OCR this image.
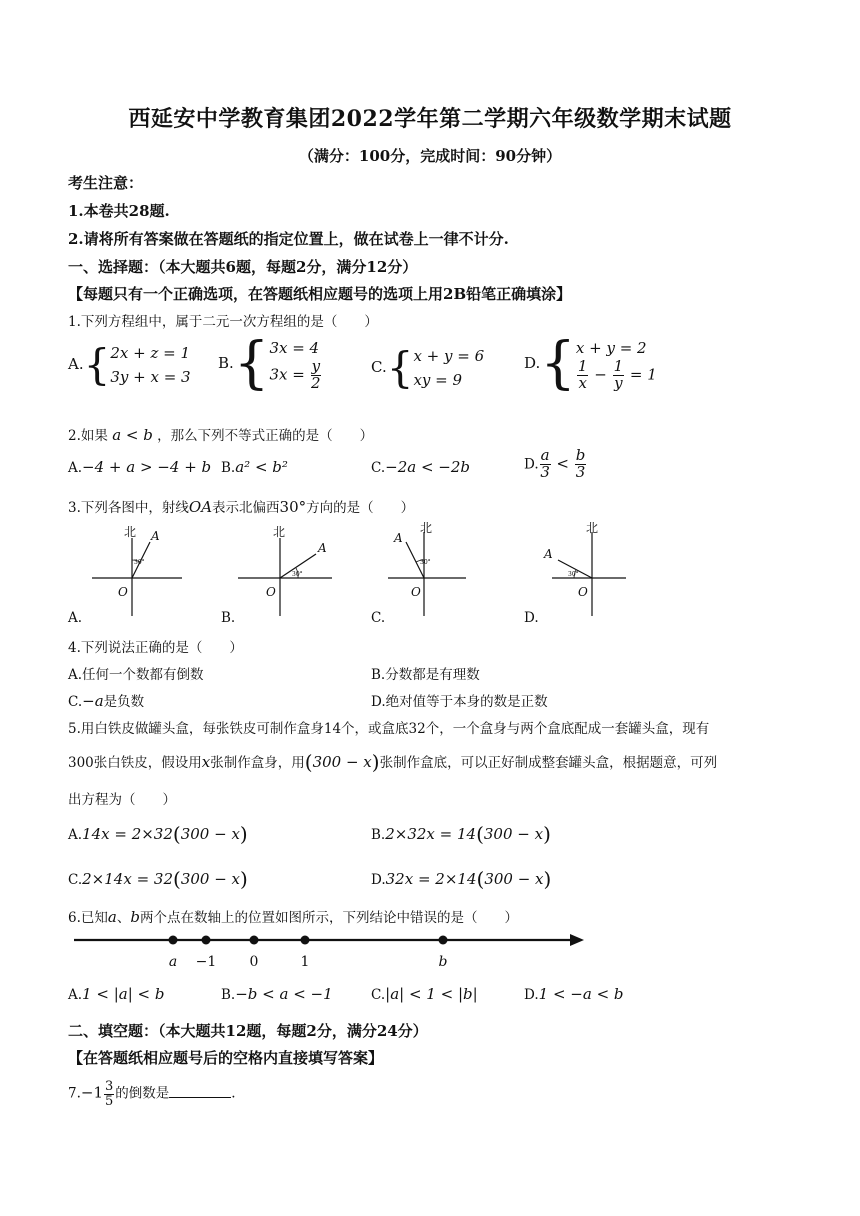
西延安中学教育集团2022学年第二学期六年级数学期末试题
（满分：100分，完成时间：90分钟）
考生注意：
1.本卷共28题.
2.请将所有答案做在答题纸的指定位置上，做在试卷上一律不计分.
一、选择题：（本大题共6题，每题2分，满分12分）
【每题只有一个正确选项，在答题纸相应题号的选项上用2B铅笔正确填涂】
1.下列方程组中，属于二元一次方程组的是（　　）
A.{ 2x + z = 1
3y + x = 3
B.{ 3x = 4
$3x = \frac{y}{2}$	C.{ x + y = 6
xy = 9
D.{ x + y = 2
$\frac{1}{x} - \frac{1}{y} = 1$
2.如果 a < b ，那么下列不等式正确的是（　　）
A.−4 + a > −4 + b B.a² < b²	C.−2a < −2b	D. $\frac{a}{3} < \frac{b}{3}$
3.下列各图中，射线OA表示北偏西30°方向的是（　　）
北 A
O
30°
北
A
O
30°
北
A
O
30°
北
A
O
30°
A.	B.	C.	D.
4.下列说法正确的是（　　）
A.任何一个数都有倒数	B.分数都是有理数
C.−a是负数	D.绝对值等于本身的数是正数
5.用白铁皮做罐头盒，每张铁皮可制作盒身14个，或盒底32个，一个盒身与两个盒底配成一套罐头盒，现有
300张白铁皮，假设用x张制作盒身，用(300 − x)张制作盒底，可以正好制成整套罐头盒，根据题意，可列
出方程为（　　）
A.14x = 2×32(300 − x)	B.2×32x = 14(300 − x)
C.2×14x = 32(300 − x)	D.32x = 2×14(300 − x)
6.已知a、b两个点在数轴上的位置如图所示，下列结论中错误的是（　　）
a −1 0	1	b
A.1 < |a| < b	B.−b < a < −1	C.|a| < 1 < |b|	D.1 < −a < b
二、填空题：（本大题共12题，每题2分，满分24分）
【在答题纸相应题号后的空格内直接填写答案】
$7.-1 \frac{3}{5}$ 的倒数是	.
